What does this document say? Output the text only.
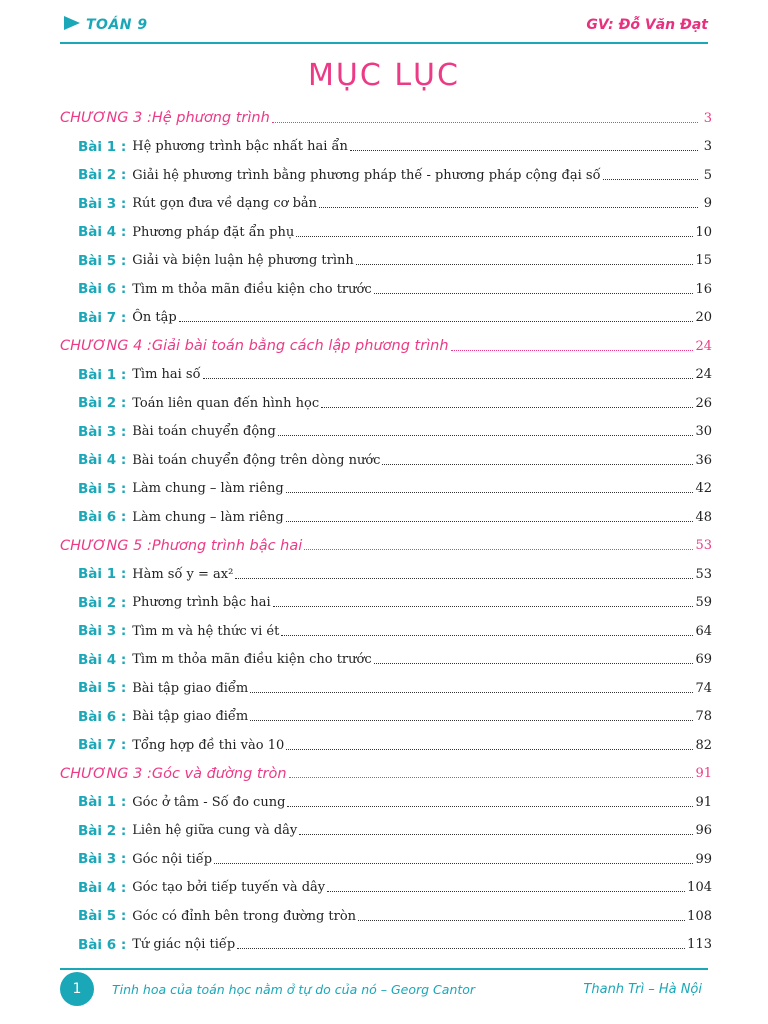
TOÁN 9	GV: Đỗ Văn Đạt
MỤC LỤC
CHƯƠNG 3 : Hệ phương trình	3
Bài 1 : Hệ phương trình bậc nhất hai ẩn	3
Bài 2 : Giải hệ phương trình bằng phương pháp thế - phương pháp cộng đại số	5
Bài 3 : Rút gọn đưa về dạng cơ bản	9
Bài 4 : Phương pháp đặt ẩn phụ	10
Bài 5 : Giải và biện luận hệ phương trình	15
Bài 6 : Tìm m thỏa mãn điều kiện cho trước	16
Bài 7 : Ôn tập	20
CHƯƠNG 4 : Giải bài toán bằng cách lập phương trình	24
Bài 1 : Tìm hai số	24
Bài 2 : Toán liên quan đến hình học	26
Bài 3 : Bài toán chuyển động	30
Bài 4 : Bài toán chuyển động trên dòng nước	36
Bài 5 : Làm chung – làm riêng	42
Bài 6 : Làm chung – làm riêng	48
CHƯƠNG 5 : Phương trình bậc hai	53
Bài 1 : Hàm số y = ax²	53
Bài 2 : Phương trình bậc hai	59
Bài 3 : Tìm m và hệ thức vi ét	64
Bài 4 : Tìm m thỏa mãn điều kiện cho trước	69
Bài 5 : Bài tập giao điểm	74
Bài 6 : Bài tập giao điểm	78
Bài 7 : Tổng hợp đề thi vào 10	82
CHƯƠNG 3 : Góc và đường tròn	91
Bài 1 : Góc ở tâm - Số đo cung	91
Bài 2 : Liên hệ giữa cung và dây	96
Bài 3 : Góc nội tiếp	99
Bài 4 : Góc tạo bởi tiếp tuyến và dây	104
Bài 5 : Góc có đỉnh bên trong đường tròn	108
Bài 6 : Tứ giác nội tiếp	113
1	Tinh hoa của toán học nằm ở tự do của nó – Georg Cantor	Thanh Trì – Hà Nội
